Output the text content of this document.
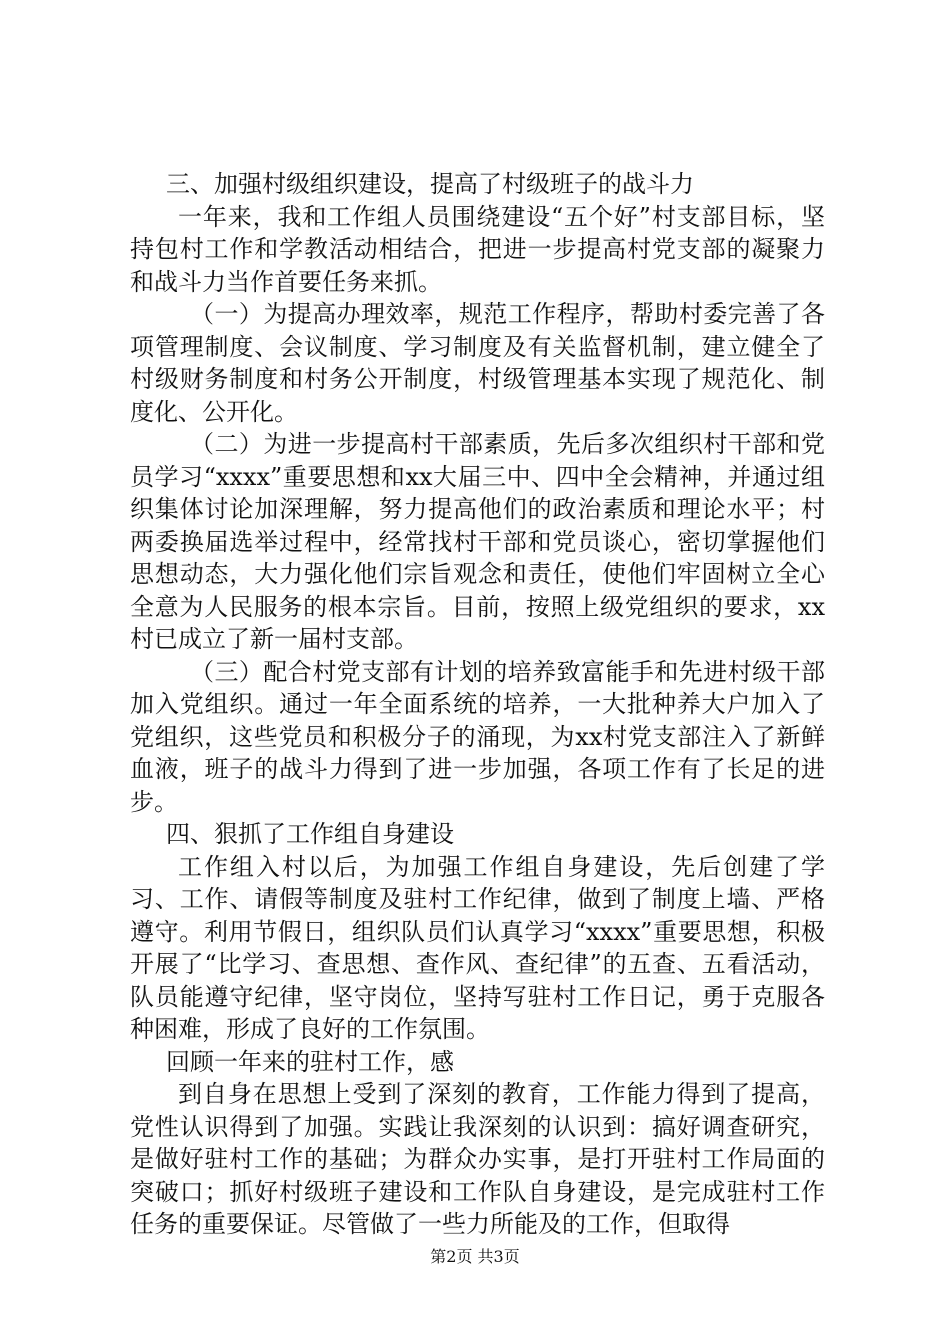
三、加强村级组织建设，提高了村级班子的战斗力

一年来，我和工作组人员围绕建设“五个好”村支部目标，坚持包村工作和学教活动相结合，把进一步提高村党支部的凝聚力和战斗力当作首要任务来抓。

（一）为提高办理效率，规范工作程序，帮助村委完善了各项管理制度、会议制度、学习制度及有关监督机制，建立健全了村级财务制度和村务公开制度，村级管理基本实现了规范化、制度化、公开化。

（二）为进一步提高村干部素质，先后多次组织村干部和党员学习“xxxx”重要思想和xx大届三中、四中全会精神，并通过组织集体讨论加深理解，努力提高他们的政治素质和理论水平；村两委换届选举过程中，经常找村干部和党员谈心，密切掌握他们思想动态，大力强化他们宗旨观念和责任，使他们牢固树立全心全意为人民服务的根本宗旨。目前，按照上级党组织的要求，xx村已成立了新一届村支部。

（三）配合村党支部有计划的培养致富能手和先进村级干部加入党组织。通过一年全面系统的培养，一大批种养大户加入了党组织，这些党员和积极分子的涌现，为xx村党支部注入了新鲜血液，班子的战斗力得到了进一步加强，各项工作有了长足的进步。

四、狠抓了工作组自身建设

工作组入村以后，为加强工作组自身建设，先后创建了学习、工作、请假等制度及驻村工作纪律，做到了制度上墙、严格遵守。利用节假日，组织队员们认真学习“xxxx”重要思想，积极开展了“比学习、查思想、查作风、查纪律”的五查、五看活动，队员能遵守纪律，坚守岗位，坚持写驻村工作日记，勇于克服各种困难，形成了良好的工作氛围。

回顾一年来的驻村工作，感

到自身在思想上受到了深刻的教育，工作能力得到了提高，党性认识得到了加强。实践让我深刻的认识到：搞好调查研究，是做好驻村工作的基础；为群众办实事，是打开驻村工作局面的突破口；抓好村级班子建设和工作队自身建设，是完成驻村工作任务的重要保证。尽管做了一些力所能及的工作，但取得

第2页 共3页
